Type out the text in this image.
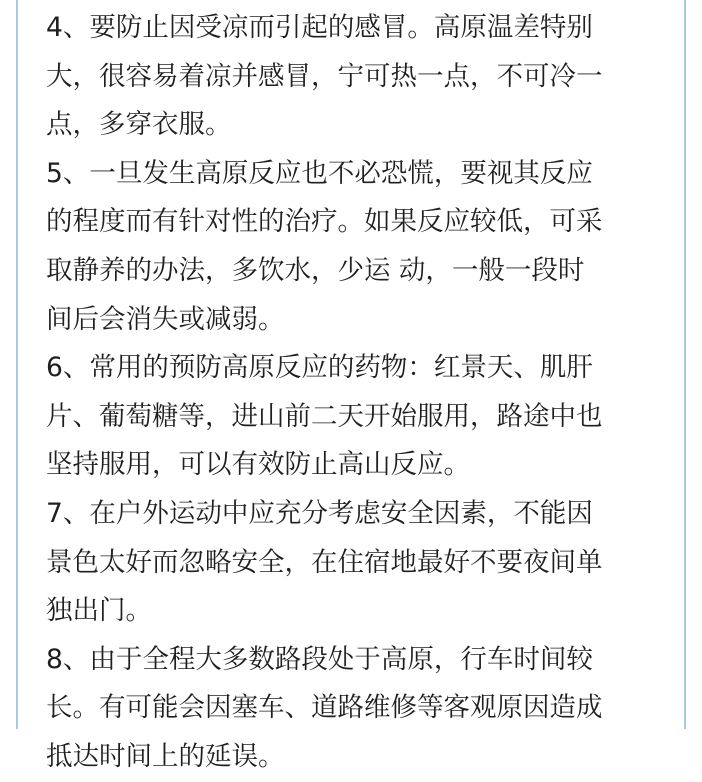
4、要防止因受凉而引起的感冒。高原温差特别
大，很容易着凉并感冒，宁可热一点，不可冷一
点，多穿衣服。
5、一旦发生高原反应也不必恐慌，要视其反应
的程度而有针对性的治疗。如果反应较低，可采
取静养的办法，多饮水，少运 动，一般一段时
间后会消失或减弱。
6、常用的预防高原反应的药物：红景天、肌肝
片、葡萄糖等，进山前二天开始服用，路途中也
坚持服用，可以有效防止高山反应。
7、在户外运动中应充分考虑安全因素，不能因
景色太好而忽略安全，在住宿地最好不要夜间单
独出门。
8、由于全程大多数路段处于高原，行车时间较
长。有可能会因塞车、道路维修等客观原因造成
抵达时间上的延误。
